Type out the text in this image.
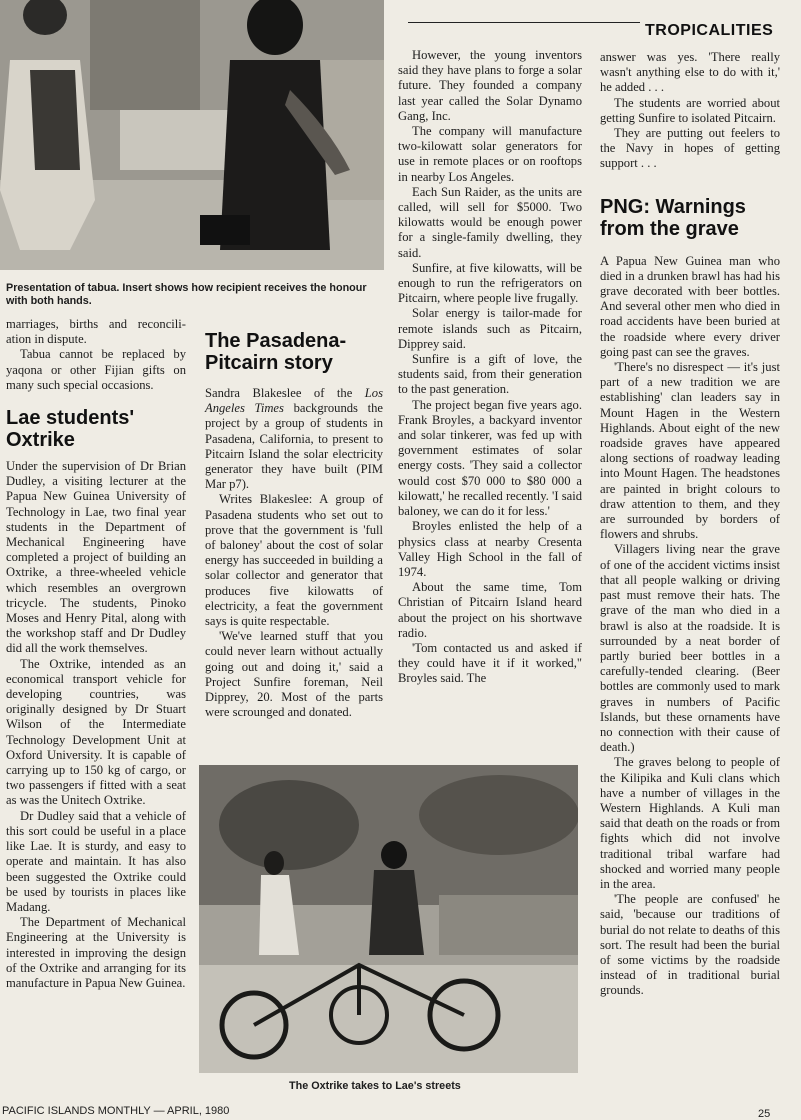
TROPICALITIES
Presentation of tabua. Insert shows how recipient receives the honour with both hands.

marriages, births and reconcili-ation in dispute.

Tabua cannot be replaced by yaqona or other Fijian gifts on many such special occasions.

Lae students' Oxtrike

Under the supervision of Dr Brian Dudley, a visiting lecturer at the Papua New Guinea University of Technology in Lae, two final year students in the Department of Mechanical Engineering have completed a project of building an Oxtrike, a three-wheeled vehicle which resembles an overgrown tricycle. The students, Pinoko Moses and Henry Pital, along with the workshop staff and Dr Dudley did all the work themselves.

The Oxtrike, intended as an economical transport vehicle for developing countries, was originally designed by Dr Stuart Wilson of the Intermediate Technology Development Unit at Oxford University. It is capable of carrying up to 150 kg of cargo, or two passengers if fitted with a seat as was the Unitech Oxtrike.

Dr Dudley said that a vehicle of this sort could be useful in a place like Lae. It is sturdy, and easy to operate and maintain. It has also been suggested the Oxtrike could be used by tourists in places like Madang.

The Department of Mechanical Engineering at the University is interested in improving the design of the Oxtrike and arranging for its manufacture in Papua New Guinea.

The Pasadena-Pitcairn story

Sandra Blakeslee of the Los Angeles Times backgrounds the project by a group of students in Pasadena, California, to present to Pitcairn Island the solar electricity generator they have built (PIM Mar p7).

Writes Blakeslee: A group of Pasadena students who set out to prove that the government is 'full of baloney' about the cost of solar energy has succeeded in building a solar collector and generator that produces five kilowatts of electricity, a feat the government says is quite respectable.

'We've learned stuff that you could never learn without actually going out and doing it,' said a Project Sunfire foreman, Neil Dipprey, 20. Most of the parts were scrounged and donated.

However, the young inventors said they have plans to forge a solar future. They founded a company last year called the Solar Dynamo Gang, Inc.

The company will manufacture two-kilowatt solar generators for use in remote places or on rooftops in nearby Los Angeles.

Each Sun Raider, as the units are called, will sell for $5000. Two kilowatts would be enough power for a single-family dwelling, they said.

Sunfire, at five kilowatts, will be enough to run the refrigerators on Pitcairn, where people live frugally.

Solar energy is tailor-made for remote islands such as Pitcairn, Dipprey said.

Sunfire is a gift of love, the students said, from their generation to the past generation.

The project began five years ago. Frank Broyles, a backyard inventor and solar tinkerer, was fed up with government estimates of solar energy costs. 'They said a collector would cost $70 000 to $80 000 a kilowatt,' he recalled recently. 'I said baloney, we can do it for less.'

Broyles enlisted the help of a physics class at nearby Cresenta Valley High School in the fall of 1974.

About the same time, Tom Christian of Pitcairn Island heard about the project on his shortwave radio.

'Tom contacted us and asked if they could have it if it worked," Broyles said. The

answer was yes. 'There really wasn't anything else to do with it,' he added . . .

The students are worried about getting Sunfire to isolated Pitcairn.

They are putting out feelers to the Navy in hopes of getting support . . .

PNG: Warnings from the grave

A Papua New Guinea man who died in a drunken brawl has had his grave decorated with beer bottles. And several other men who died in road accidents have been buried at the roadside where every driver going past can see the graves.

'There's no disrespect — it's just part of a new tradition we are establishing' clan leaders say in Mount Hagen in the Western Highlands. About eight of the new roadside graves have appeared along sections of roadway leading into Mount Hagen. The headstones are painted in bright colours to draw attention to them, and they are surrounded by borders of flowers and shrubs.

Villagers living near the grave of one of the accident victims insist that all people walking or driving past must remove their hats. The grave of the man who died in a brawl is also at the roadside. It is surrounded by a neat border of partly buried beer bottles in a carefully-tended clearing. (Beer bottles are commonly used to mark graves in numbers of Pacific Islands, but these ornaments have no connection with their cause of death.)

The graves belong to people of the Kilipika and Kuli clans which have a number of villages in the Western Highlands. A Kuli man said that death on the roads or from fights which did not involve traditional tribal warfare had shocked and worried many people in the area.

'The people are confused' he said, 'because our traditions of burial do not relate to deaths of this sort. The result had been the burial of some victims by the roadside instead of in traditional burial grounds.

The Oxtrike takes to Lae's streets
PACIFIC ISLANDS MONTHLY — APRIL, 1980	25
